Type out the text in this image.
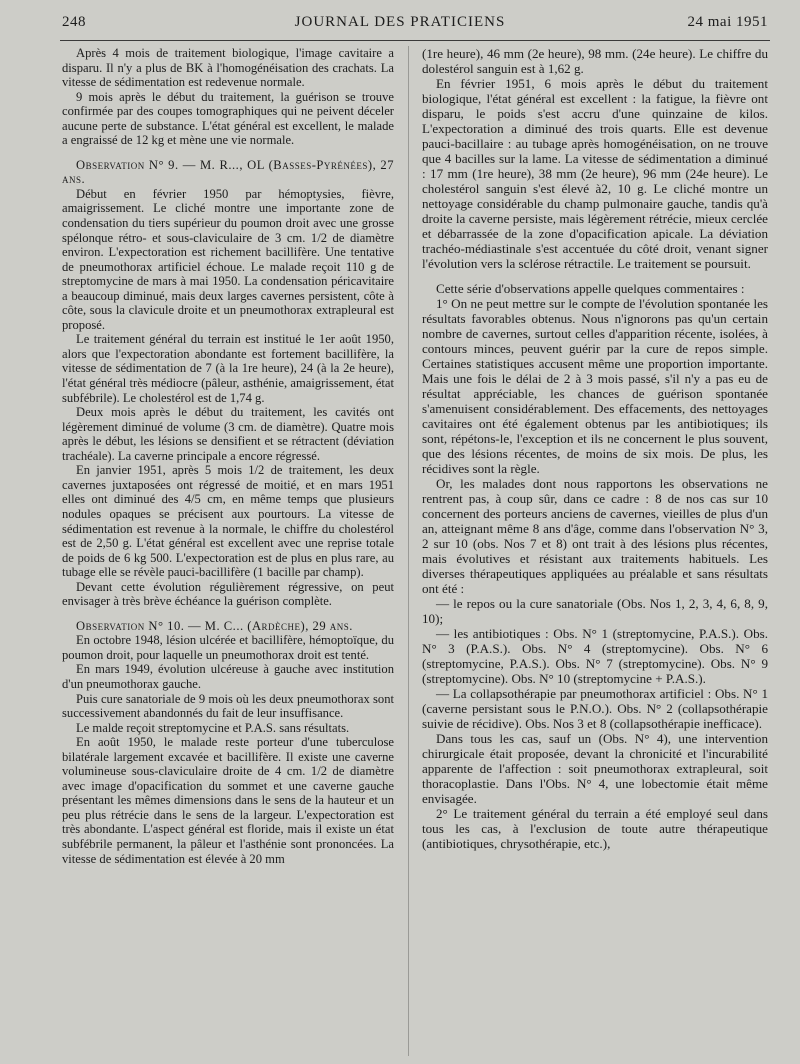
248	JOURNAL DES PRATICIENS	24 mai 1951

Après 4 mois de traitement biologique, l'image cavitaire a disparu. Il n'y a plus de BK à l'homogénéisation des crachats. La vitesse de sédimentation est redevenue normale.

9 mois après le début du traitement, la guérison se trouve confirmée par des coupes tomographiques qui ne peivent déceler aucune perte de substance. L'état général est excellent, le malade a engraissé de 12 kg et mène une vie normale.

Observation N° 9. — M. R..., OL (Basses-Pyrénées), 27 ans.

Début en février 1950 par hémoptysies, fièvre, amaigrissement. Le cliché montre une importante zone de condensation du tiers supérieur du poumon droit avec une grosse spélonque rétro- et sous-claviculaire de 3 cm. 1/2 de diamètre environ. L'expectoration est richement bacillifère. Une tentative de pneumothorax artificiel échoue. Le malade reçoit 110 g de streptomycine de mars à mai 1950. La condensation péricavitaire a beaucoup diminué, mais deux larges cavernes persistent, côte à côte, sous la clavicule droite et un pneumothorax extrapleural est proposé.

Le traitement général du terrain est institué le 1er août 1950, alors que l'expectoration abondante est fortement bacillifère, la vitesse de sédimentation de 7 (à la 1re heure), 24 (à la 2e heure), l'état général très médiocre (pâleur, asthénie, amaigrissement, état subfébrile). Le cholestérol est de 1,74 g.

Deux mois après le début du traitement, les cavités ont légèrement diminué de volume (3 cm. de diamètre). Quatre mois après le début, les lésions se densifient et se rétractent (déviation trachéale). La caverne principale a encore régressé.

En janvier 1951, après 5 mois 1/2 de traitement, les deux cavernes juxtaposées ont régressé de moitié, et en mars 1951 elles ont diminué des 4/5 cm, en même temps que plusieurs nodules opaques se précisent aux pourtours. La vitesse de sédimentation est revenue à la normale, le chiffre du cholestérol est de 2,50 g. L'état général est excellent avec une reprise totale de poids de 6 kg 500. L'expectoration est de plus en plus rare, au tubage elle se révèle pauci-bacillifère (1 bacille par champ).

Devant cette évolution régulièrement régressive, on peut envisager à très brève échéance la guérison complète.

Observation N° 10. — M. C... (Ardèche), 29 ans.

En octobre 1948, lésion ulcérée et bacillifère, hémoptoïque, du poumon droit, pour laquelle un pneumothorax droit est tenté.

En mars 1949, évolution ulcéreuse à gauche avec institution d'un pneumothorax gauche.

Puis cure sanatoriale de 9 mois où les deux pneumothorax sont successivement abandonnés du fait de leur insuffisance.

Le malde reçoit streptomycine et P.A.S. sans résultats.

En août 1950, le malade reste porteur d'une tuberculose bilatérale largement excavée et bacillifère. Il existe une caverne volumineuse sous-claviculaire droite de 4 cm. 1/2 de diamètre avec image d'opacification du sommet et une caverne gauche présentant les mêmes dimensions dans le sens de la hauteur et un peu plus rétrécie dans le sens de la largeur. L'expectoration est très abondante. L'aspect général est floride, mais il existe un état subfébrile permanent, la pâleur et l'asthénie sont prononcées. La vitesse de sédimentation est élevée à 20 mm

(1re heure), 46 mm (2e heure), 98 mm. (24e heure). Le chiffre du dolestérol sanguin est à 1,62 g.

En février 1951, 6 mois après le début du traitement biologique, l'état général est excellent : la fatigue, la fièvre ont disparu, le poids s'est accru d'une quinzaine de kilos. L'expectoration a diminué des trois quarts. Elle est devenue pauci-bacillaire : au tubage après homogénéisation, on ne trouve que 4 bacilles sur la lame. La vitesse de sédimentation a diminué : 17 mm (1re heure), 38 mm (2e heure), 96 mm (24e heure). Le cholestérol sanguin s'est élevé à2, 10 g. Le cliché montre un nettoyage considérable du champ pulmonaire gauche, tandis qu'à droite la caverne persiste, mais légèrement rétrécie, mieux cerclée et débarrassée de la zone d'opacification apicale. La déviation trachéo-médiastinale s'est accentuée du côté droit, venant signer l'évolution vers la sclérose rétractile. Le traitement se poursuit.

Cette série d'observations appelle quelques commentaires :

1° On ne peut mettre sur le compte de l'évolution spontanée les résultats favorables obtenus. Nous n'ignorons pas qu'un certain nombre de cavernes, surtout celles d'apparition récente, isolées, à contours minces, peuvent guérir par la cure de repos simple. Certaines statistiques accusent même une proportion importante. Mais une fois le délai de 2 à 3 mois passé, s'il n'y a pas eu de résultat appréciable, les chances de guérison spontanée s'amenuisent considérablement. Des effacements, des nettoyages cavitaires ont été également obtenus par les antibiotiques; ils sont, répétons-le, l'exception et ils ne concernent le plus souvent, que des lésions récentes, de moins de six mois. De plus, les récidives sont la règle.

Or, les malades dont nous rapportons les observations ne rentrent pas, à coup sûr, dans ce cadre : 8 de nos cas sur 10 concernent des porteurs anciens de cavernes, vieilles de plus d'un an, atteignant même 8 ans d'âge, comme dans l'observation N° 3, 2 sur 10 (obs. Nos 7 et 8) ont trait à des lésions plus récentes, mais évolutives et résistant aux traitements habituels. Les diverses thérapeutiques appliquées au préalable et sans résultats ont été :

— le repos ou la cure sanatoriale (Obs. Nos 1, 2, 3, 4, 6, 8, 9, 10);

— les antibiotiques : Obs. N° 1 (streptomycine, P.A.S.). Obs. N° 3 (P.A.S.). Obs. N° 4 (streptomycine). Obs. N° 6 (streptomycine, P.A.S.). Obs. N° 7 (streptomycine). Obs. N° 9 (streptomycine). Obs. N° 10 (streptomycine + P.A.S.).

— La collapsothérapie par pneumothorax artificiel : Obs. N° 1 (caverne persistant sous le P.N.O.). Obs. N° 2 (collapsothérapie suivie de récidive). Obs. Nos 3 et 8 (collapsothérapie inefficace).

Dans tous les cas, sauf un (Obs. N° 4), une intervention chirurgicale était proposée, devant la chronicité et l'incurabilité apparente de l'affection : soit pneumothorax extrapleural, soit thoracoplastie. Dans l'Obs. N° 4, une lobectomie était même envisagée.

2° Le traitement général du terrain a été employé seul dans tous les cas, à l'exclusion de toute autre thérapeutique (antibiotiques, chrysothérapie, etc.),
